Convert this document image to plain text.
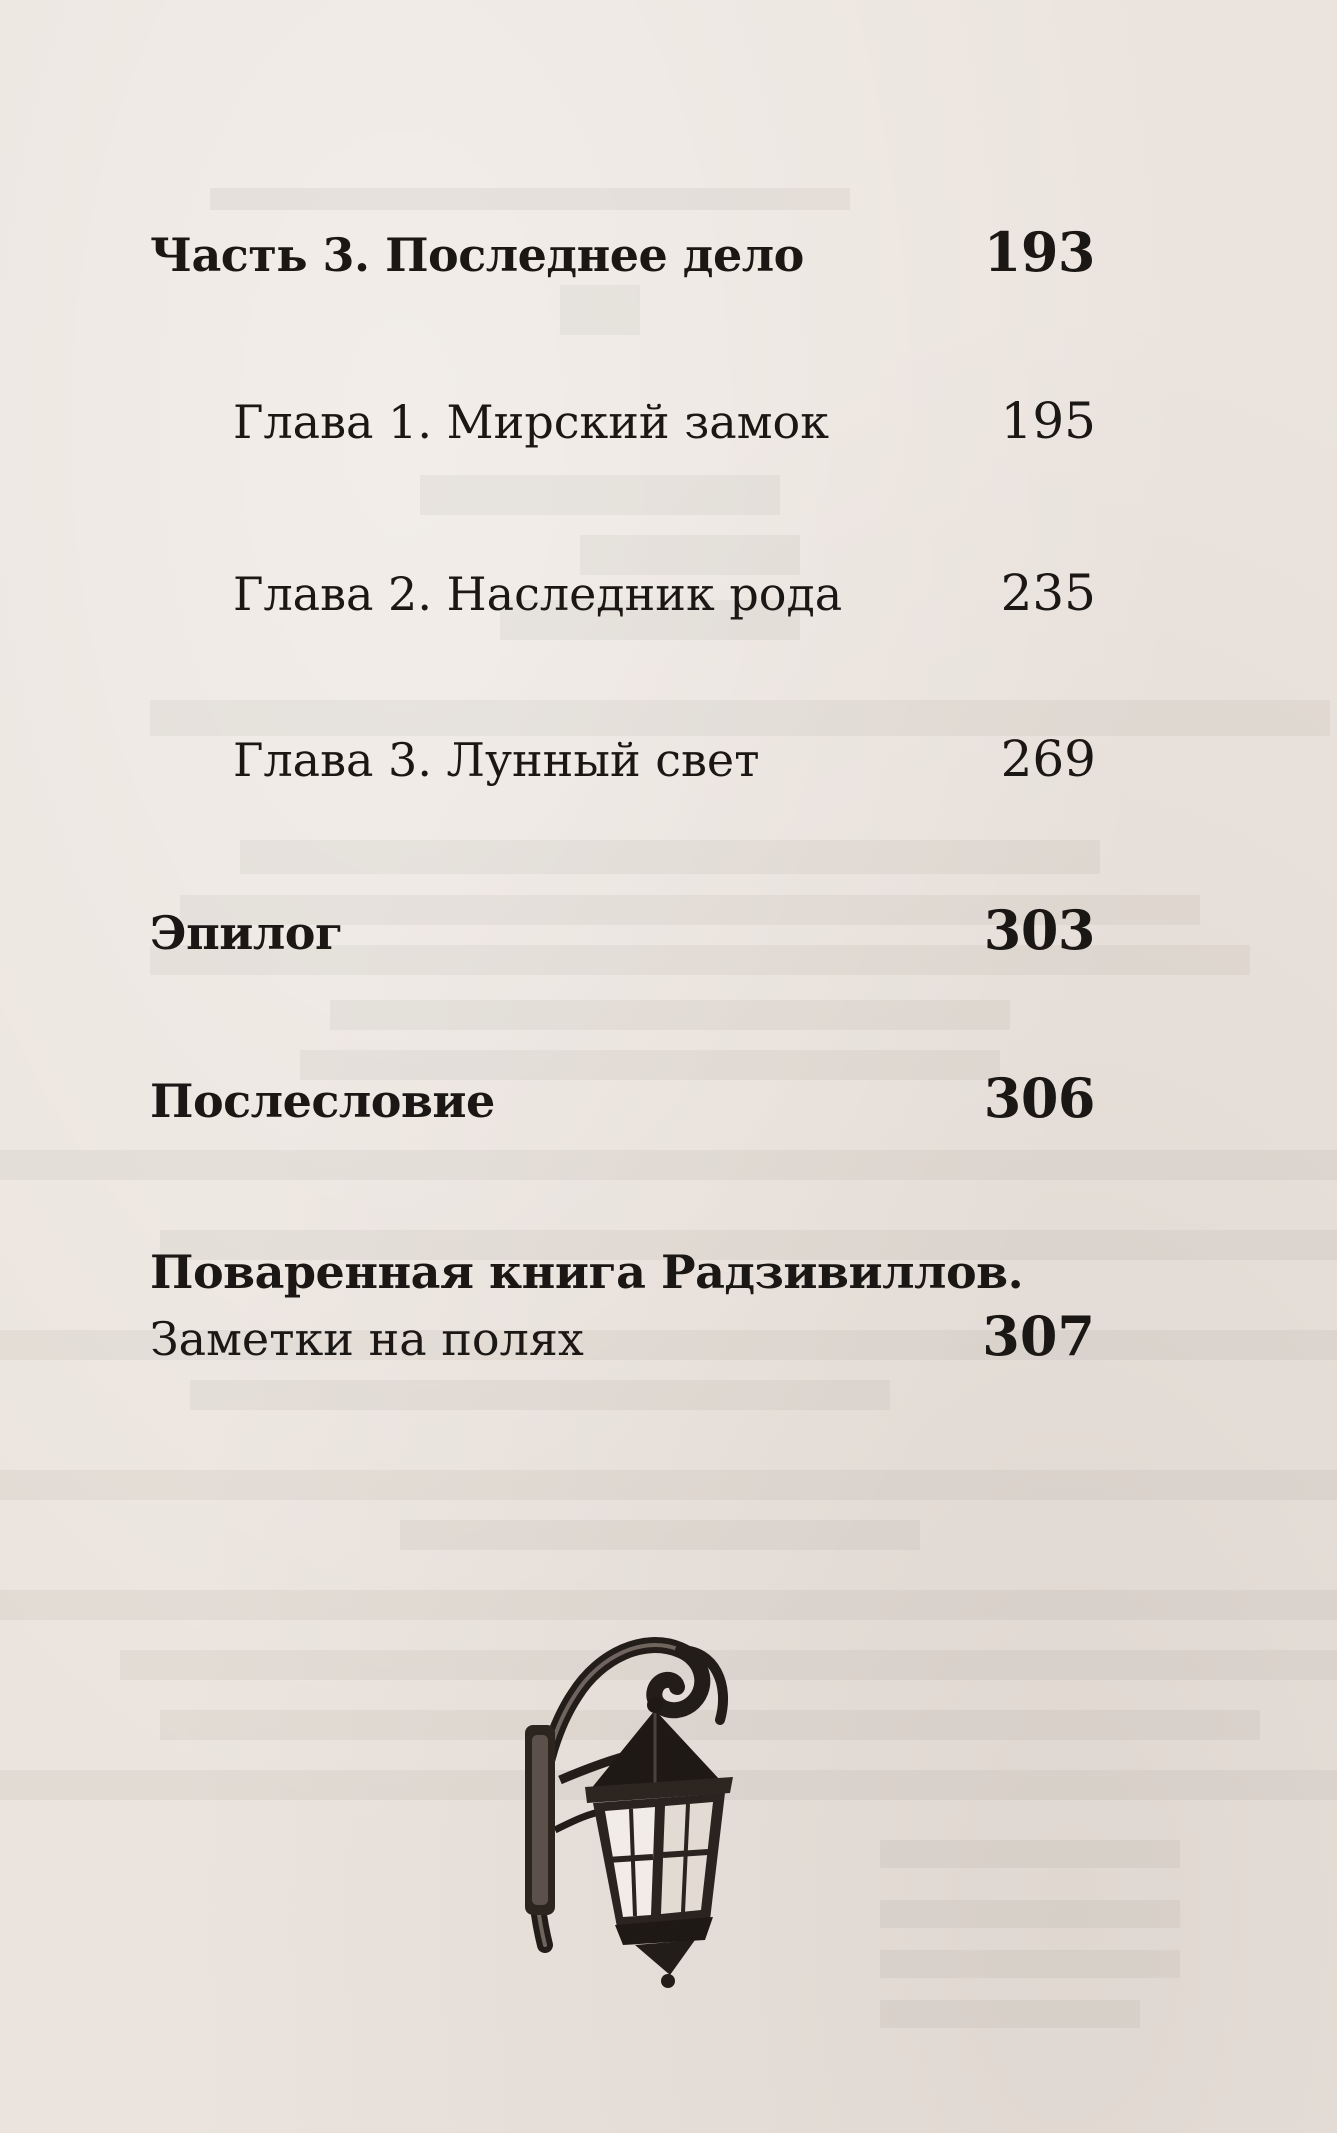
Часть 3. Последнее дело	193
Глава 1. Мирский замок	195
Глава 2. Наследник рода	235
Глава 3. Лунный свет	269
Эпилог	303
Послесловие	306
Поваренная книга Радзивиллов.
Заметки на полях	307
